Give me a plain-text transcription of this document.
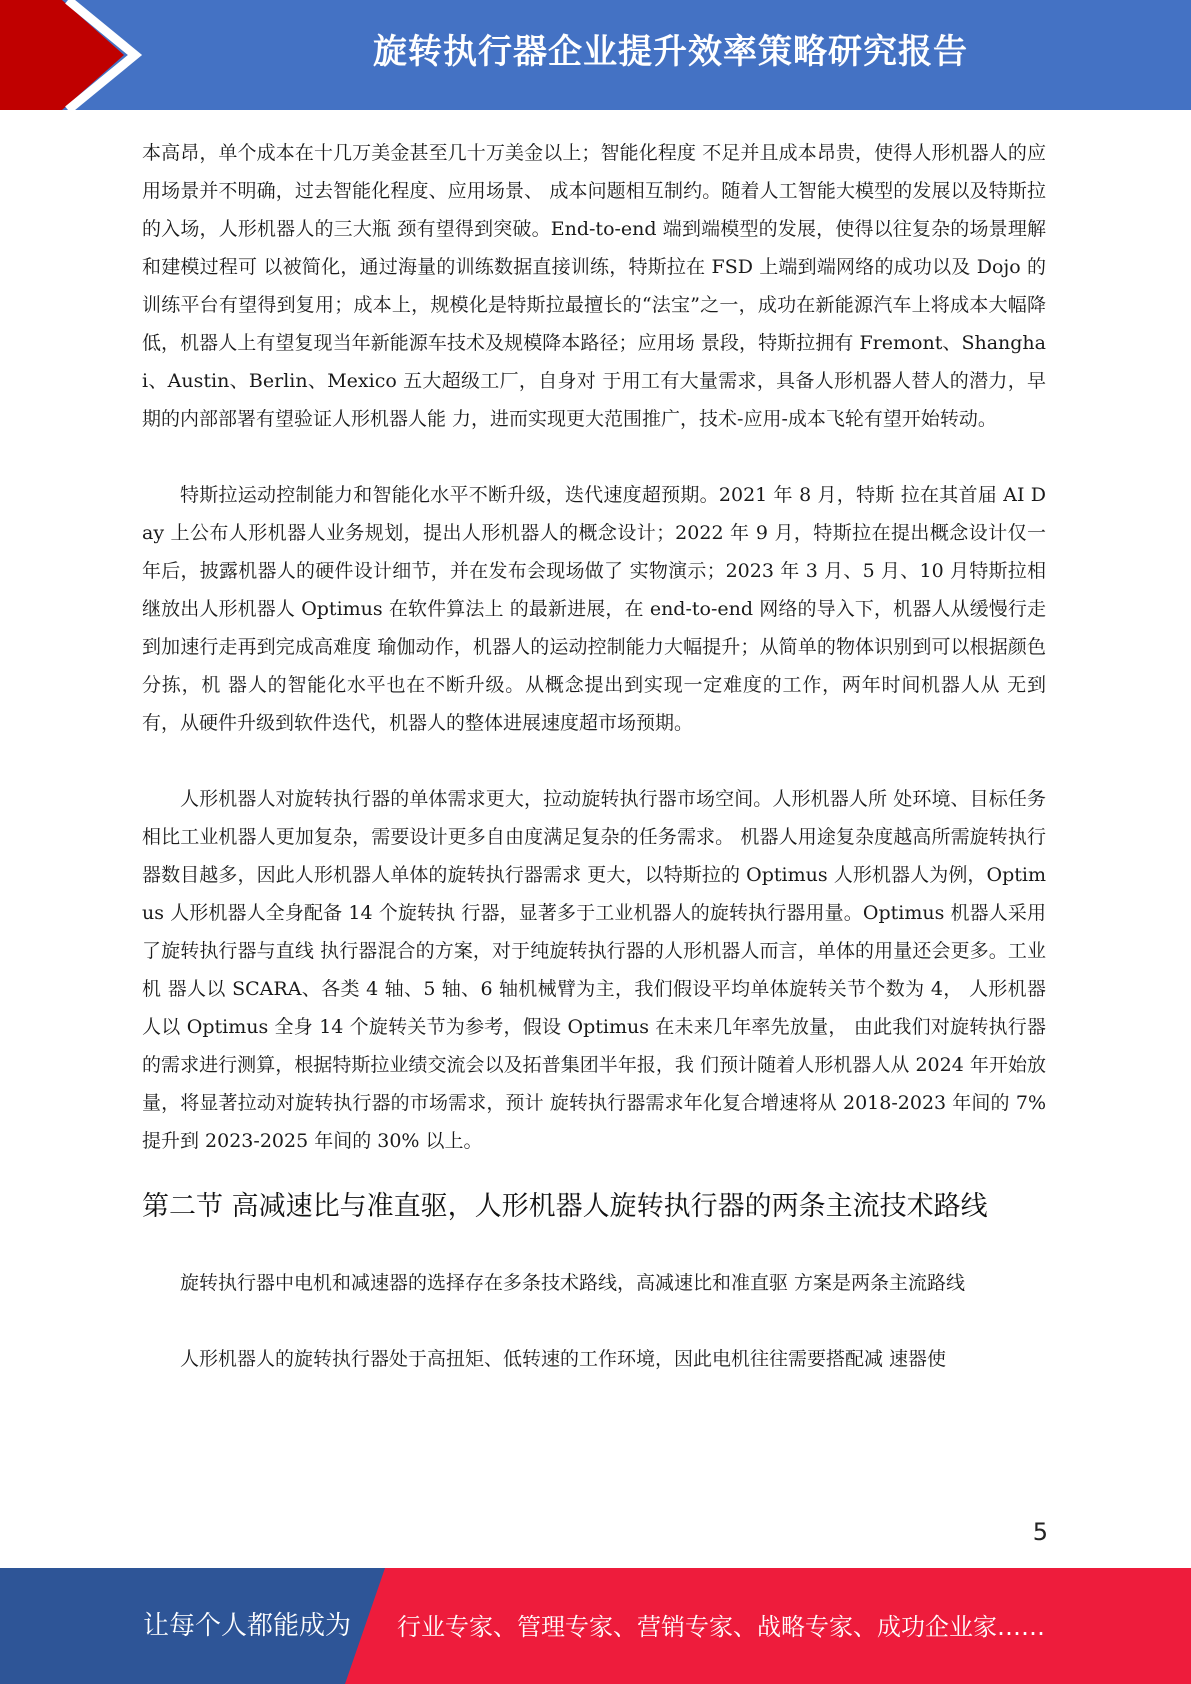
旋转执行器企业提升效率策略研究报告

本高昂，单个成本在十几万美金甚至几十万美金以上；智能化程度 不足并且成本昂贵，使得人形机器人的应用场景并不明确，过去智能化程度、应用场景、 成本问题相互制约。随着人工智能大模型的发展以及特斯拉的入场，人形机器人的三大瓶 颈有望得到突破。End-to-end 端到端模型的发展，使得以往复杂的场景理解和建模过程可 以被简化，通过海量的训练数据直接训练，特斯拉在 FSD 上端到端网络的成功以及 Dojo 的训练平台有望得到复用；成本上，规模化是特斯拉最擅长的“法宝”之一，成功在新能源汽车上将成本大幅降低，机器人上有望复现当年新能源车技术及规模降本路径；应用场 景段，特斯拉拥有 Fremont、Shanghai、Austin、Berlin、Mexico 五大超级工厂，自身对 于用工有大量需求，具备人形机器人替人的潜力，早期的内部部署有望验证人形机器人能 力，进而实现更大范围推广，技术-应用-成本飞轮有望开始转动。

特斯拉运动控制能力和智能化水平不断升级，迭代速度超预期。2021 年 8 月，特斯 拉在其首届 AI Day 上公布人形机器人业务规划，提出人形机器人的概念设计；2022 年 9 月，特斯拉在提出概念设计仅一年后，披露机器人的硬件设计细节，并在发布会现场做了 实物演示；2023 年 3 月、5 月、10 月特斯拉相继放出人形机器人 Optimus 在软件算法上 的最新进展，在 end-to-end 网络的导入下，机器人从缓慢行走到加速行走再到完成高难度 瑜伽动作，机器人的运动控制能力大幅提升；从简单的物体识别到可以根据颜色分拣，机 器人的智能化水平也在不断升级。从概念提出到实现一定难度的工作，两年时间机器人从 无到有，从硬件升级到软件迭代，机器人的整体进展速度超市场预期。

人形机器人对旋转执行器的单体需求更大，拉动旋转执行器市场空间。人形机器人所 处环境、目标任务相比工业机器人更加复杂，需要设计更多自由度满足复杂的任务需求。 机器人用途复杂度越高所需旋转执行器数目越多，因此人形机器人单体的旋转执行器需求 更大，以特斯拉的 Optimus 人形机器人为例，Optimus 人形机器人全身配备 14 个旋转执 行器，显著多于工业机器人的旋转执行器用量。Optimus 机器人采用了旋转执行器与直线 执行器混合的方案，对于纯旋转执行器的人形机器人而言，单体的用量还会更多。工业机 器人以 SCARA、各类 4 轴、5 轴、6 轴机械臂为主，我们假设平均单体旋转关节个数为 4， 人形机器人以 Optimus 全身 14 个旋转关节为参考，假设 Optimus 在未来几年率先放量， 由此我们对旋转执行器的需求进行测算，根据特斯拉业绩交流会以及拓普集团半年报，我 们预计随着人形机器人从 2024 年开始放量，将显著拉动对旋转执行器的市场需求，预计 旋转执行器需求年化复合增速将从 2018-2023 年间的 7%提升到 2023-2025 年间的 30% 以上。

第二节 高减速比与准直驱，人形机器人旋转执行器的两条主流技术路线

旋转执行器中电机和减速器的选择存在多条技术路线，高减速比和准直驱 方案是两条主流路线

人形机器人的旋转执行器处于高扭矩、低转速的工作环境，因此电机往往需要搭配减 速器使

5
让每个人都能成为 行业专家、管理专家、营销专家、战略专家、成功企业家……
